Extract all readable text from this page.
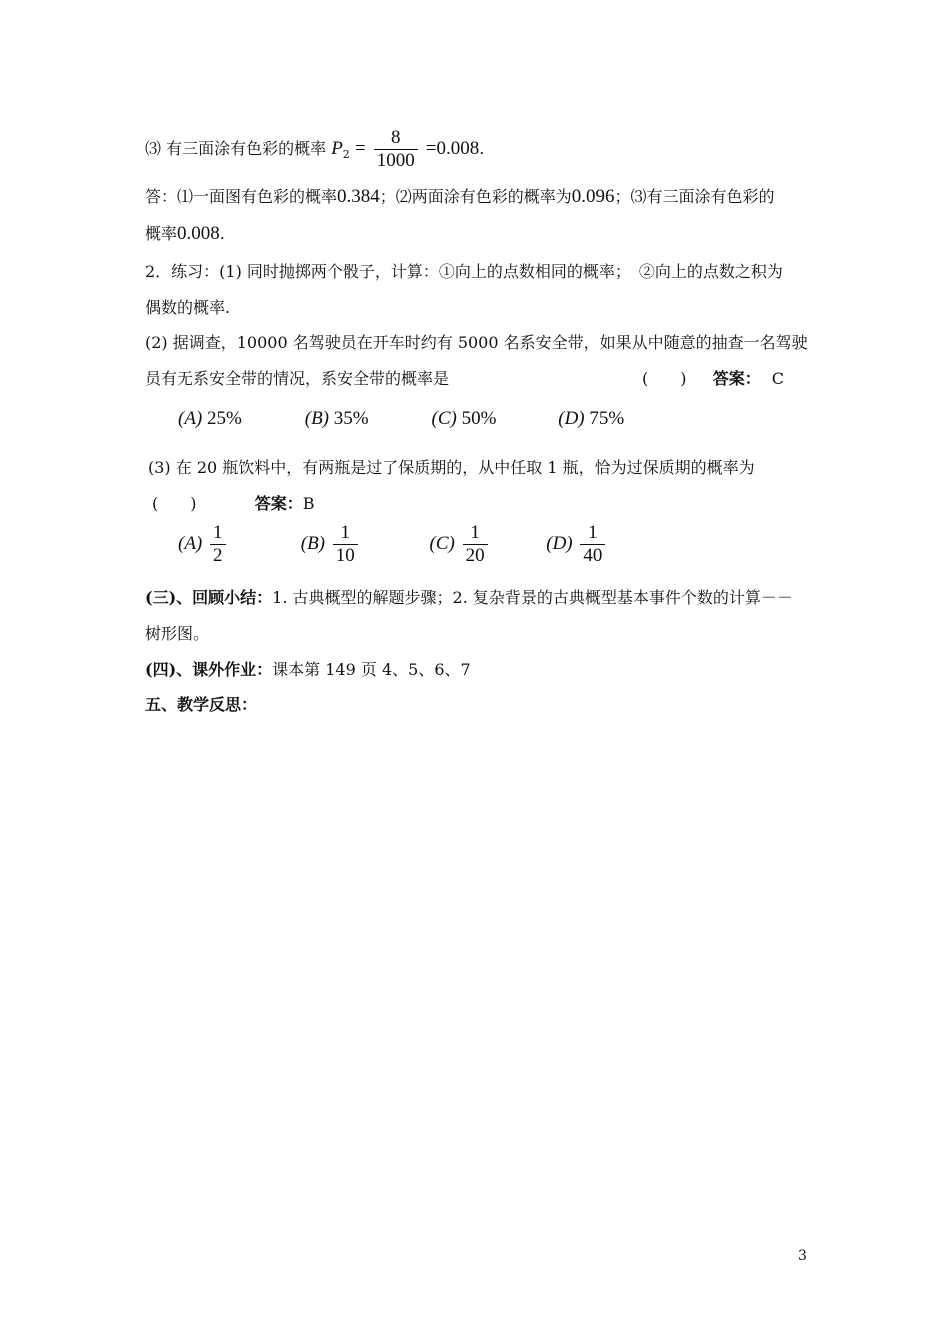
⑶ 有三面涂有色彩的概率 $P_2 = \frac{8}{1000} =0.008$.
答：⑴一面图有色彩的概率0.384；⑵两面涂有色彩的概率为0.096；⑶有三面涂有色彩的
概率0.008.
2．练习：(1) 同时抛掷两个骰子，计算：①向上的点数相同的概率；　②向上的点数之积为
偶数的概率.
(2) 据调查，10000 名驾驶员在开车时约有 5000 名系安全带，如果从中随意的抽查一名驾驶
员有无系安全带的情况，系安全带的概率是	(　　) 答案： C
(A) 25%	(B) 35%	(C) 50%	(D) 75%
(3) 在 20 瓶饮料中，有两瓶是过了保质期的，从中任取 1 瓶，恰为过保质期的概率为
(　　)	答案：B
$(A) \frac{1}{2}$	$(B) \frac{1}{10}$	$(C) \frac{1}{20}$	$(D) \frac{1}{40}$
(三)、回顾小结：1. 古典概型的解题步骤；2. 复杂背景的古典概型基本事件个数的计算－－
树形图。
(四)、课外作业：课本第 149 页 4、5、6、7
五、教学反思：
3
